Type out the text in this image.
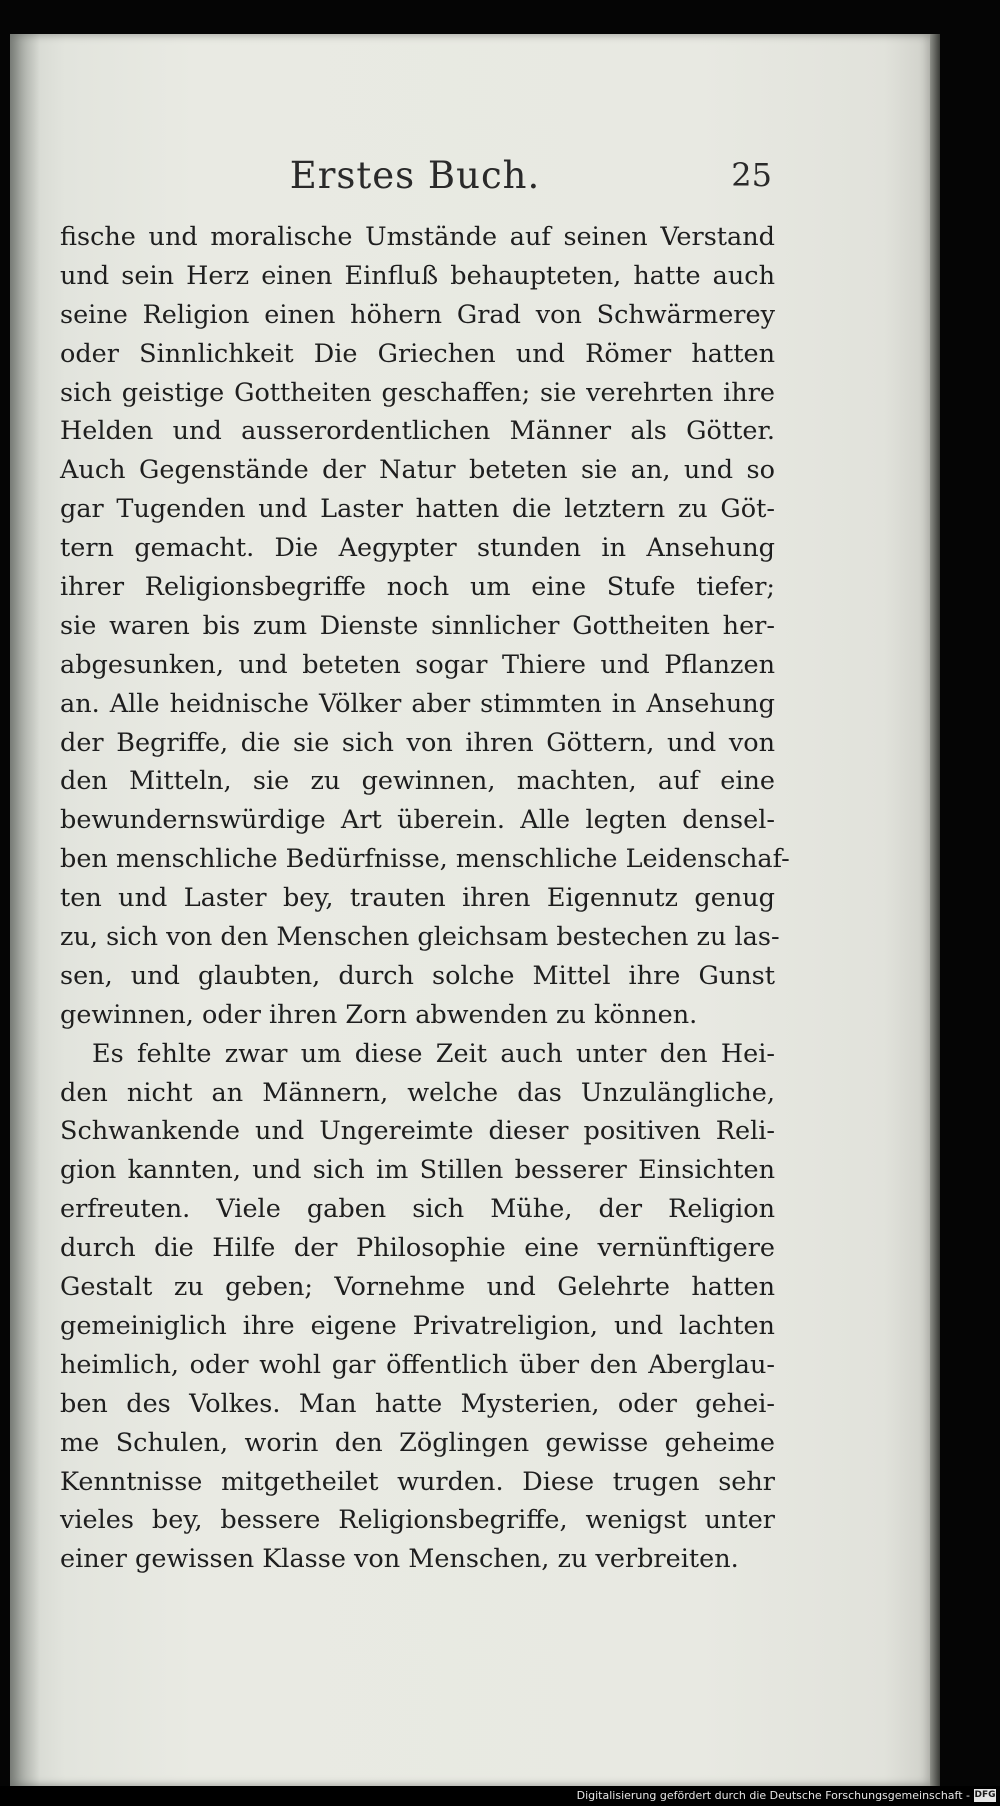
Erstes Buch.	25
fische und moralische Umstände auf seinen Verstand
und sein Herz einen Einfluß behaupteten, hatte auch
seine Religion einen höhern Grad von Schwärmerey
oder Sinnlichkeit Die Griechen und Römer hatten
sich geistige Gottheiten geschaffen; sie verehrten ihre
Helden und ausserordentlichen Männer als Götter.
Auch Gegenstände der Natur beteten sie an, und so
gar Tugenden und Laster hatten die letztern zu Göt-
tern gemacht. Die Aegypter stunden in Ansehung
ihrer Religionsbegriffe noch um eine Stufe tiefer;
sie waren bis zum Dienste sinnlicher Gottheiten her-
abgesunken, und beteten sogar Thiere und Pflanzen
an. Alle heidnische Völker aber stimmten in Ansehung
der Begriffe, die sie sich von ihren Göttern, und von
den Mitteln, sie zu gewinnen, machten, auf eine
bewundernswürdige Art überein. Alle legten densel-
ben menschliche Bedürfnisse, menschliche Leidenschaf-
ten und Laster bey, trauten ihren Eigennutz genug
zu, sich von den Menschen gleichsam bestechen zu las-
sen, und glaubten, durch solche Mittel ihre Gunst
gewinnen, oder ihren Zorn abwenden zu können.
Es fehlte zwar um diese Zeit auch unter den Hei-
den nicht an Männern, welche das Unzulängliche,
Schwankende und Ungereimte dieser positiven Reli-
gion kannten, und sich im Stillen besserer Einsichten
erfreuten. Viele gaben sich Mühe, der Religion
durch die Hilfe der Philosophie eine vernünftigere
Gestalt zu geben; Vornehme und Gelehrte hatten
gemeiniglich ihre eigene Privatreligion, und lachten
heimlich, oder wohl gar öffentlich über den Aberglau-
ben des Volkes. Man hatte Mysterien, oder gehei-
me Schulen, worin den Zöglingen gewisse geheime
Kenntnisse mitgetheilet wurden. Diese trugen sehr
vieles bey, bessere Religionsbegriffe, wenigst unter
einer gewissen Klasse von Menschen, zu verbreiten.
Digitalisierung gefördert durch die Deutsche Forschungsgemeinschaft - DFG
